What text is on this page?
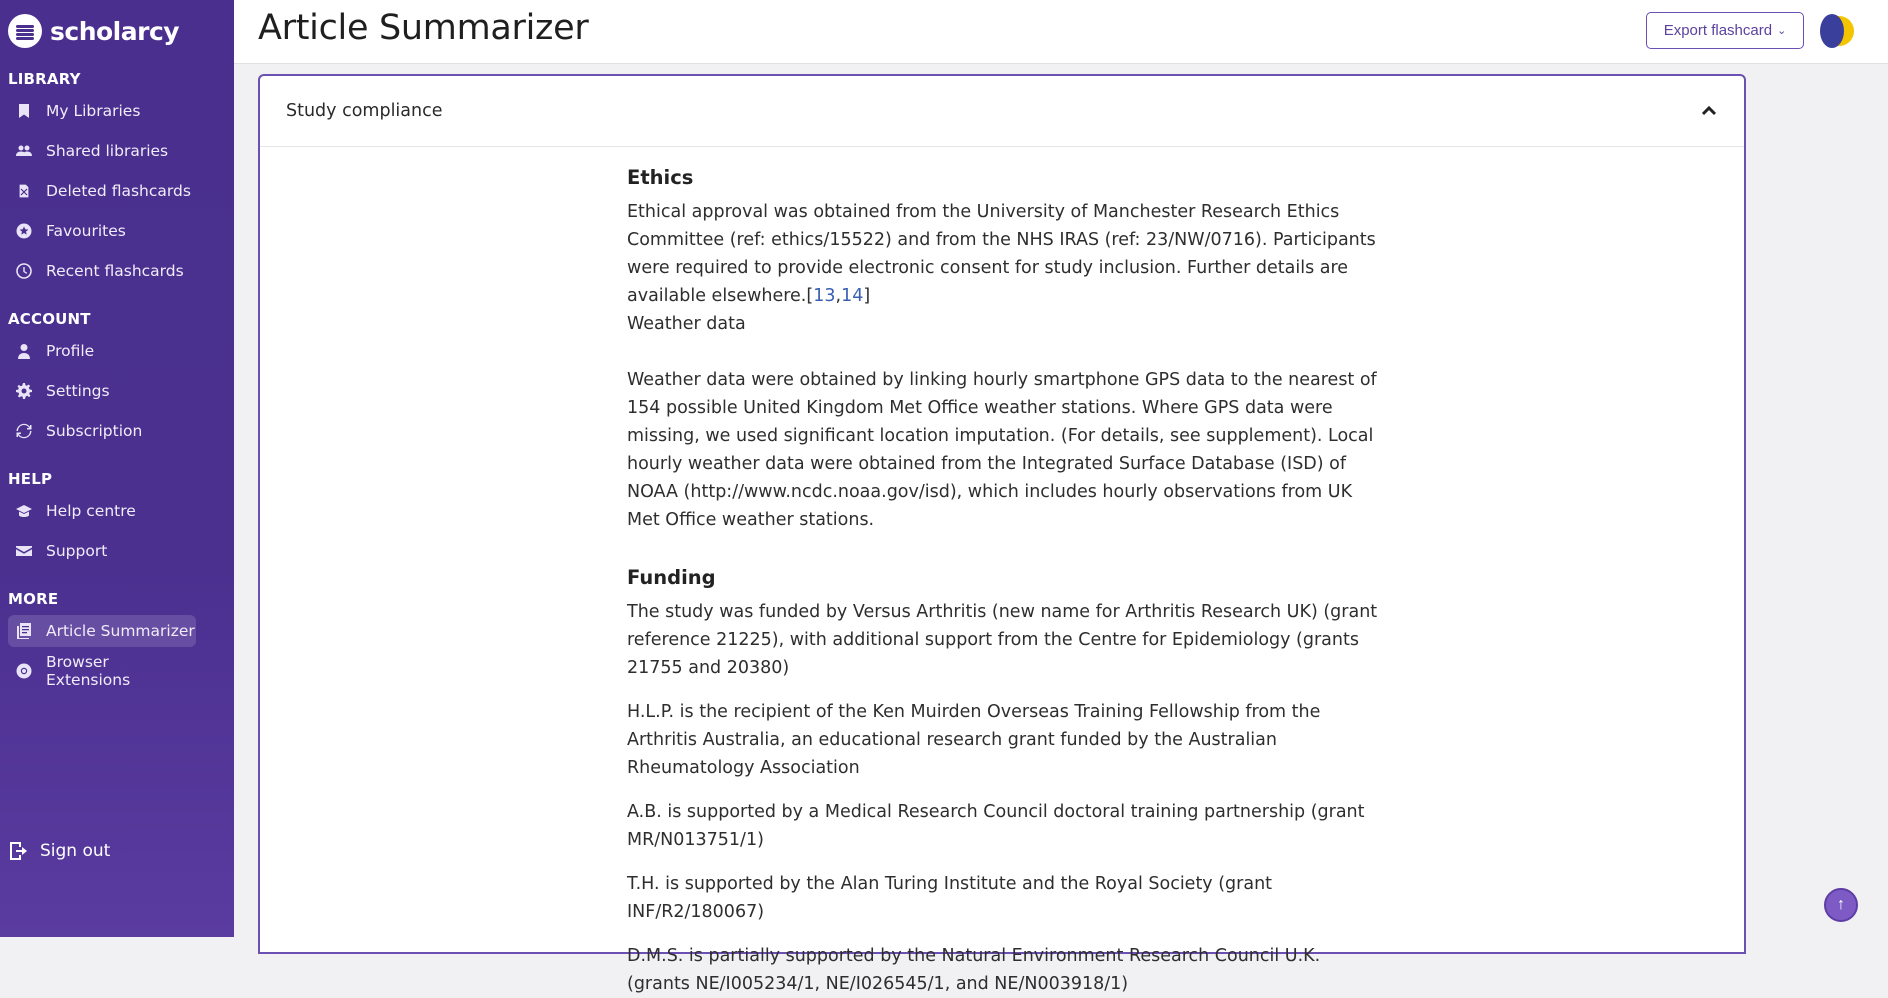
scholarcy
LIBRARY
My Libraries
Shared libraries
Deleted flashcards
Favourites
Recent flashcards
ACCOUNT
Profile
Settings
Subscription
HELP
Help centre
Support
MORE
Article Summarizer
Browser Extensions
Sign out
Article Summarizer	Export flashcard ⌄
Study compliance
Ethics

Ethical approval was obtained from the University of Manchester Research Ethics Committee (ref: ethics/15522) and from the NHS IRAS (ref: 23/NW/0716). Participants were required to provide electronic consent for study inclusion. Further details are available elsewhere.[13,14]
Weather data

Weather data were obtained by linking hourly smartphone GPS data to the nearest of 154 possible United Kingdom Met Office weather stations. Where GPS data were missing, we used significant location imputation. (For details, see supplement). Local hourly weather data were obtained from the Integrated Surface Database (ISD) of NOAA (http://www.ncdc.noaa.gov/isd), which includes hourly observations from UK Met Office weather stations.

Funding

The study was funded by Versus Arthritis (new name for Arthritis Research UK) (grant reference 21225), with additional support from the Centre for Epidemiology (grants 21755 and 20380)

H.L.P. is the recipient of the Ken Muirden Overseas Training Fellowship from the Arthritis Australia, an educational research grant funded by the Australian Rheumatology Association

A.B. is supported by a Medical Research Council doctoral training partnership (grant MR/N013751/1)

T.H. is supported by the Alan Turing Institute and the Royal Society (grant INF/R2/180067)

D.M.S. is partially supported by the Natural Environment Research Council U.K. (grants NE/I005234/1, NE/I026545/1, and NE/N003918/1)

↑
